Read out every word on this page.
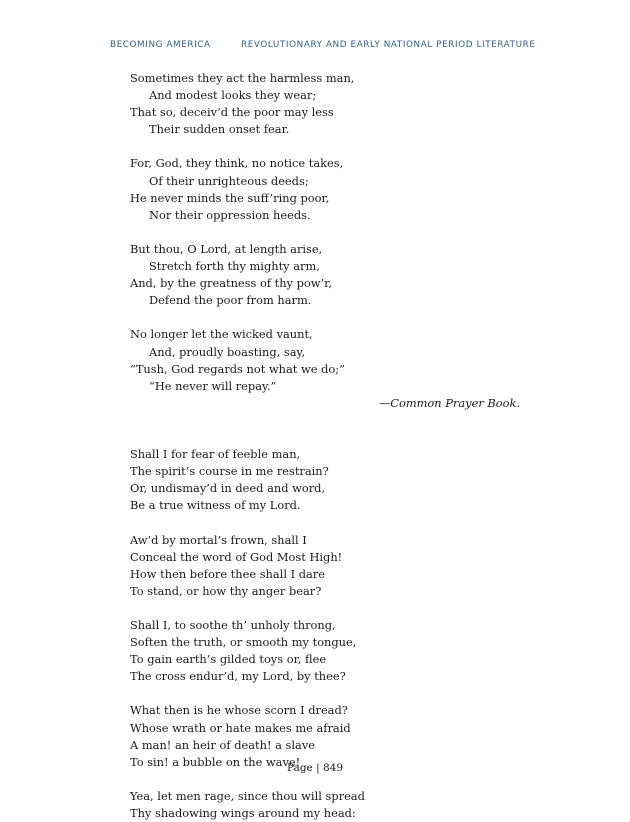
BECOMING AMERICA	REVOLUTIONARY AND EARLY NATIONAL PERIOD LITERATURE
Sometimes they act the harmless man,
And modest looks they wear;
That so, deceiv’d the poor may less
Their sudden onset fear.
For, God, they think, no notice takes,
Of their unrighteous deeds;
He never minds the suff’ring poor,
Nor their oppression heeds.
But thou, O Lord, at length arise,
Stretch forth thy mighty arm,
And, by the greatness of thy pow’r,
Defend the poor from harm.
No longer let the wicked vaunt,
And, proudly boasting, say,
“Tush, God regards not what we do;”
“He never will repay.”
—Common Prayer Book.
Shall I for fear of feeble man,
The spirit’s course in me restrain?
Or, undismay’d in deed and word,
Be a true witness of my Lord.
Aw’d by mortal’s frown, shall I
Conceal the word of God Most High!
How then before thee shall I dare
To stand, or how thy anger bear?
Shall I, to soothe th’ unholy throng,
Soften the truth, or smooth my tongue,
To gain earth’s gilded toys or, flee
The cross endur’d, my Lord, by thee?
What then is he whose scorn I dread?
Whose wrath or hate makes me afraid
A man! an heir of death! a slave
To sin! a bubble on the wave!
Yea, let men rage, since thou will spread
Thy shadowing wings around my head:
Page | 849
